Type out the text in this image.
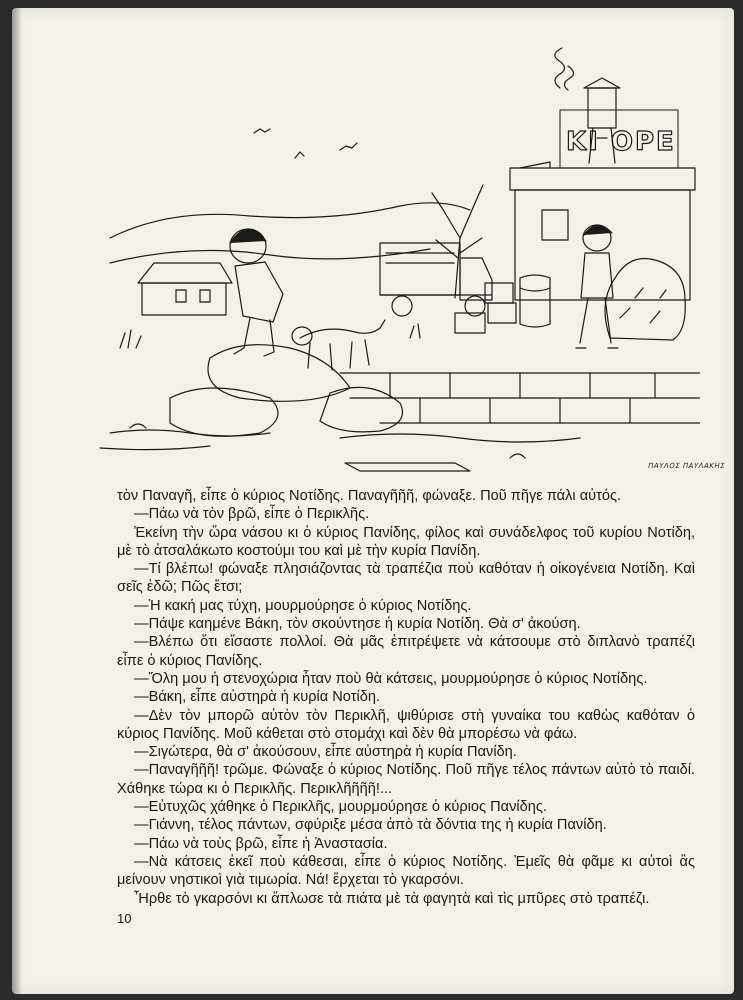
ΚΙ ΟΡΕ
ΠΑΥΛΟΣ ΠΑΥΛΑΚΗΣ

τὸν Παναγῆ, εἶπε ὁ κύριος Νοτίδης. Παναγῆῆῆ, φώναξε. Ποῦ πῆγε πάλι αὐτός.

—Πάω νὰ τὸν βρῶ, εἶπε ὁ Περικλῆς.

Ἐκείνη τὴν ὥρα νάσου κι ὁ κύριος Πανίδης, φίλος καὶ συνάδελφος τοῦ κυρίου Νοτίδη, μὲ τὸ ἀτσαλάκωτο κοστούμι του καὶ μὲ τὴν κυρία Πανίδη.

—Τί βλέπω! φώναξε πλησιάζοντας τὰ τραπέζια ποὺ καθόταν ἡ οἰκογένεια Νοτίδη. Καὶ σεῖς ἐδῶ; Πῶς ἔτσι;

—Ἡ κακή μας τύχη, μουρμούρησε ὁ κύριος Νοτίδης.

—Πάψε καημένε Βάκη, τὸν σκούντησε ἡ κυρία Νοτίδη. Θὰ σ' ἀκούση.

—Βλέπω ὅτι εἴσαστε πολλοί. Θὰ μᾶς ἐπιτρέψετε νὰ κάτσουμε στὸ διπλανὸ τραπέζι εἶπε ὁ κύριος Πανίδης.

—Ὅλη μου ἡ στενοχώρια ἦταν ποὺ θὰ κάτσεις, μουρμούρησε ὁ κύριος Νοτίδης.

—Βάκη, εἶπε αὐστηρὰ ἡ κυρία Νοτίδη.

—Δὲν τὸν μπορῶ αὐτὸν τὸν Περικλῆ, ψιθύρισε στὴ γυναίκα του καθὼς καθόταν ὁ κύριος Πανίδης. Μοῦ κάθεται στὸ στομάχι καὶ δὲν θὰ μπορέσω νὰ φάω.

—Σιγώτερα, θὰ σ' ἀκούσουν, εἶπε αὐστηρὰ ἡ κυρία Πανίδη.

—Παναγῆῆῆ! τρῶμε. Φώναξε ὁ κύριος Νοτίδης. Ποῦ πῆγε τέλος πάντων αὐτὸ τὸ παιδί. Χάθηκε τώρα κι ὁ Περικλῆς. Περικλῆῆῆῆ!...

—Εὐτυχῶς χάθηκε ὁ Περικλῆς, μουρμούρησε ὁ κύριος Πανίδης.

—Γιάννη, τέλος πάντων, σφύριξε μέσα ἀπὸ τὰ δόντια της ἡ κυρία Πανίδη.

—Πάω νὰ τοὺς βρῶ, εἶπε ἡ Ἀναστασία.

—Νὰ κάτσεις ἐκεῖ ποὺ κάθεσαι, εἶπε ὁ κύριος Νοτίδης. Ἐμεῖς θὰ φᾶμε κι αὐτοὶ ἂς μείνουν νηστικοὶ γιὰ τιμωρία. Νά! ἔρχεται τὸ γκαρσόνι.

Ἦρθε τὸ γκαρσόνι κι ἅπλωσε τὰ πιάτα μὲ τὰ φαγητὰ καὶ τὶς μπῦρες στὸ τραπέζι.

10
